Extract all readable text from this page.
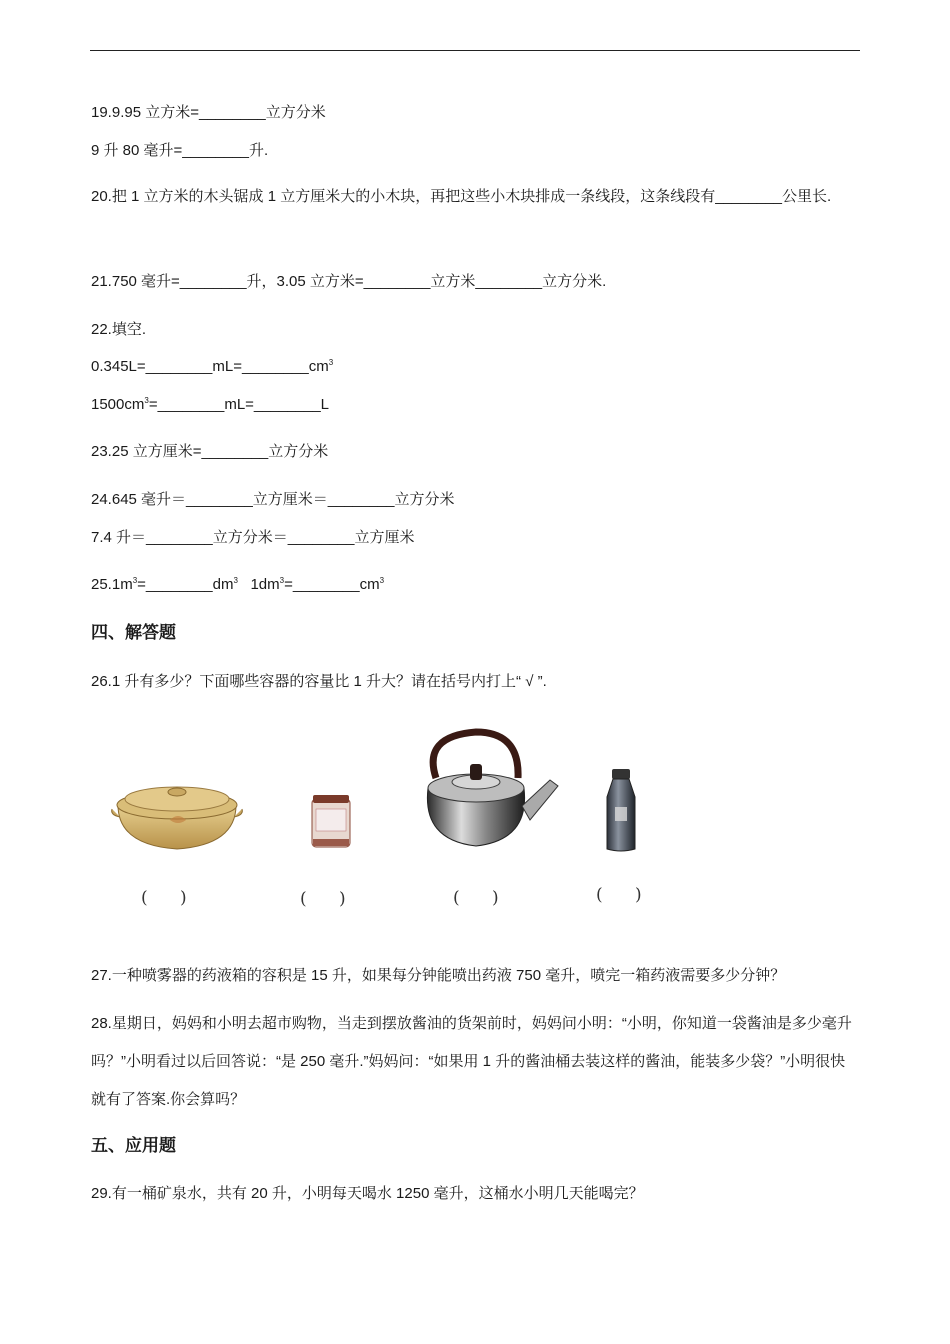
19.9.95 立方米=________立方分米
9 升 80 毫升=________升.
20.把 1 立方米的木头锯成 1 立方厘米大的小木块，再把这些小木块排成一条线段，这条线段有________公里长.
21.750 毫升=________升，3.05 立方米=________立方米________立方分米.
22.填空.
$0.345L=\_\_\_\_\_\_\_\_mL=\_\_\_\_\_\_\_\_cm^3$
$1500cm^3=\_\_\_\_\_\_\_\_mL=\_\_\_\_\_\_\_\_L$
23.25 立方厘米=________立方分米
24.645 毫升＝________立方厘米＝________立方分米
7.4 升＝________立方分米＝________立方厘米
$25.1m^3=\_\_\_\_\_\_\_\_dm^3$   $1dm^3=\_\_\_\_\_\_\_\_cm^3$
四、解答题
26.1 升有多少？下面哪些容器的容量比 1 升大？请在括号内打上“ √ ”.
(      )	(      )	(      )	(      )
27.一种喷雾器的药液箱的容积是 15 升，如果每分钟能喷出药液 750 毫升，喷完一箱药液需要多少分钟？
28.星期日，妈妈和小明去超市购物，当走到摆放酱油的货架前时，妈妈问小明：“小明，你知道一袋酱油是多少毫升吗？”小明看过以后回答说：“是 250 毫升.”妈妈问：“如果用 1 升的酱油桶去装这样的酱油，能装多少袋？”小明很快就有了答案.你会算吗？
五、应用题
29.有一桶矿泉水，共有 20 升，小明每天喝水 1250 毫升，这桶水小明几天能喝完？
